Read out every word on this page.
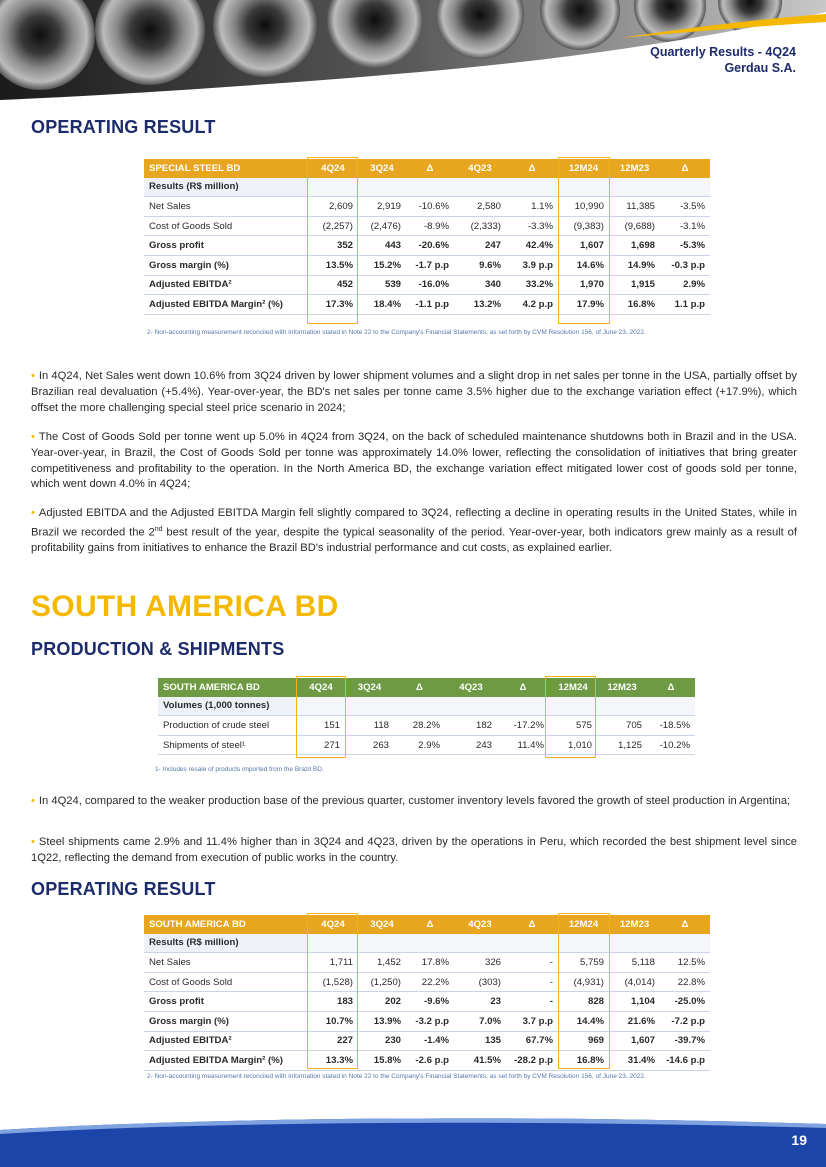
Quarterly Results - 4Q24
Gerdau S.A.
OPERATING RESULT
SPECIAL STEEL BD	4Q24	3Q24	Δ	4Q23	Δ	12M24	12M23	Δ
Results (R$ million)								
Net Sales	2,609	2,919	-10.6%	2,580	1.1%	10,990	11,385	-3.5%
Cost of Goods Sold	(2,257)	(2,476)	-8.9%	(2,333)	-3.3%	(9,383)	(9,688)	-3.1%
Gross profit	352	443	-20.6%	247	42.4%	1,607	1,698	-5.3%
Gross margin (%)	13.5%	15.2%	-1.7 p.p	9.6%	3.9 p.p	14.6%	14.9%	-0.3 p.p
Adjusted EBITDA²	452	539	-16.0%	340	33.2%	1,970	1,915	2.9%
Adjusted EBITDA Margin² (%)	17.3%	18.4%	-1.1 p.p	13.2%	4.2 p.p	17.9%	16.8%	1.1 p.p
2- Non-accounting measurement reconciled with information stated in Note 22 to the Company's Financial Statements, as set forth by CVM Resolution 156, of June 23, 2022.
• In 4Q24, Net Sales went down 10.6% from 3Q24 driven by lower shipment volumes and a slight drop in net sales per tonne in the USA, partially offset by Brazilian real devaluation (+5.4%). Year-over-year, the BD's net sales per tonne came 3.5% higher due to the exchange variation effect (+17.9%), which offset the more challenging special steel price scenario in 2024;
• The Cost of Goods Sold per tonne went up 5.0% in 4Q24 from 3Q24, on the back of scheduled maintenance shutdowns both in Brazil and in the USA. Year-over-year, in Brazil, the Cost of Goods Sold per tonne was approximately 14.0% lower, reflecting the consolidation of initiatives that bring greater competitiveness and profitability to the operation. In the North America BD, the exchange variation effect mitigated lower cost of goods sold per tonne, which went down 4.0% in 4Q24;
• Adjusted EBITDA and the Adjusted EBITDA Margin fell slightly compared to 3Q24, reflecting a decline in operating results in the United States, while in Brazil we recorded the 2nd best result of the year, despite the typical seasonality of the period. Year-over-year, both indicators grew mainly as a result of profitability gains from initiatives to enhance the Brazil BD's industrial performance and cut costs, as explained earlier.
SOUTH AMERICA BD
PRODUCTION & SHIPMENTS
SOUTH AMERICA BD	4Q24	3Q24	Δ	4Q23	Δ	12M24	12M23	Δ
Volumes (1,000 tonnes)								
Production of crude steel	151	118	28.2%	182	-17.2%	575	705	-18.5%
Shipments of steel¹	271	263	2.9%	243	11.4%	1,010	1,125	-10.2%
1- Includes resale of products imported from the Brazil BD.
• In 4Q24, compared to the weaker production base of the previous quarter, customer inventory levels favored the growth of steel production in Argentina;
• Steel shipments came 2.9% and 11.4% higher than in 3Q24 and 4Q23, driven by the operations in Peru, which recorded the best shipment level since 1Q22, reflecting the demand from execution of public works in the country.
OPERATING RESULT
SOUTH AMERICA BD	4Q24	3Q24	Δ	4Q23	Δ	12M24	12M23	Δ
Results (R$ million)								
Net Sales	1,711	1,452	17.8%	326	-	5,759	5,118	12.5%
Cost of Goods Sold	(1,528)	(1,250)	22.2%	(303)	-	(4,931)	(4,014)	22.8%
Gross profit	183	202	-9.6%	23	-	828	1,104	-25.0%
Gross margin (%)	10.7%	13.9%	-3.2 p.p	7.0%	3.7 p.p	14.4%	21.6%	-7.2 p.p
Adjusted EBITDA²	227	230	-1.4%	135	67.7%	969	1,607	-39.7%
Adjusted EBITDA Margin² (%)	13.3%	15.8%	-2.6 p.p	41.5%	-28.2 p.p	16.8%	31.4%	-14.6 p.p
2- Non-accounting measurement reconciled with information stated in Note 22 to the Company's Financial Statements, as set forth by CVM Resolution 156, of June 23, 2022.
19
